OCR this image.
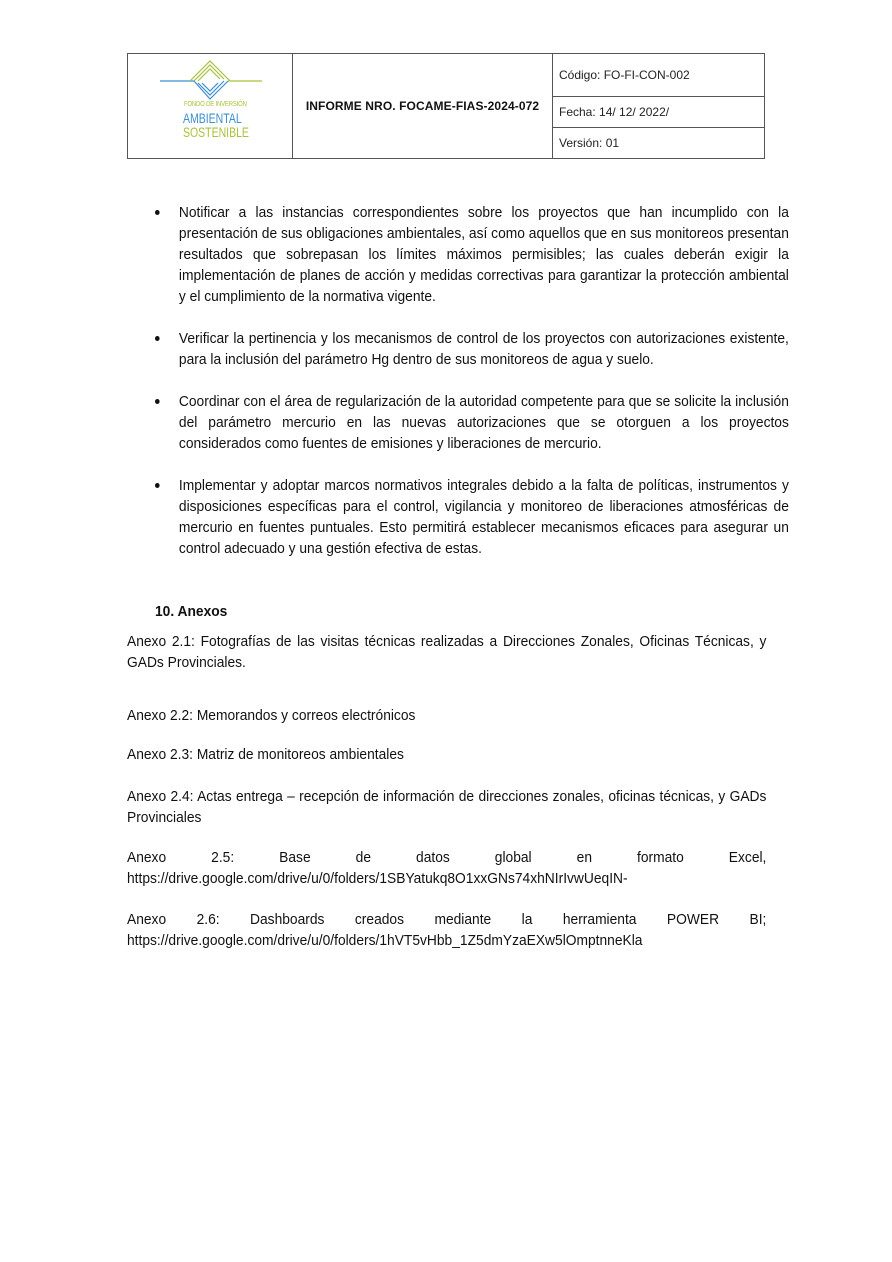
FONDO DE INVERSIÓN
AMBIENTAL
SOSTENIBLE
	INFORME NRO. FOCAME-FIAS-2024-072	Código: FO-FI-CON-002
Fecha: 14/ 12/ 2022/
Versión: 01
Notificar a las instancias correspondientes sobre los proyectos que han incumplido con la presentación de sus obligaciones ambientales, así como aquellos que en sus monitoreos presentan resultados que sobrepasan los límites máximos permisibles; las cuales deberán exigir la implementación de planes de acción y medidas correctivas para garantizar la protección ambiental y el cumplimiento de la normativa vigente.
Verificar la pertinencia y los mecanismos de control de los proyectos con autorizaciones existente, para la inclusión del parámetro Hg dentro de sus monitoreos de agua y suelo.
Coordinar con el área de regularización de la autoridad competente para que se solicite la inclusión del parámetro mercurio en las nuevas autorizaciones que se otorguen a los proyectos considerados como fuentes de emisiones y liberaciones de mercurio.
Implementar y adoptar marcos normativos integrales debido a la falta de políticas, instrumentos y disposiciones específicas para el control, vigilancia y monitoreo de liberaciones atmosféricas de mercurio en fuentes puntuales. Esto permitirá establecer mecanismos eficaces para asegurar un control adecuado y una gestión efectiva de estas.
10. Anexos

Anexo 2.1: Fotografías de las visitas técnicas realizadas a Direcciones Zonales, Oficinas Técnicas, y GADs Provinciales.

Anexo 2.2: Memorandos y correos electrónicos

Anexo 2.3: Matriz de monitoreos ambientales

Anexo 2.4: Actas entrega – recepción de información de direcciones zonales, oficinas técnicas, y GADs Provinciales

Anexo 2.5: Base de datos global en formato Excel,
https://drive.google.com/drive/u/0/folders/1SBYatukq8O1xxGNs74xhNIrIvwUeqIN-
Anexo 2.6: Dashboards creados mediante la herramienta POWER BI;
https://drive.google.com/drive/u/0/folders/1hVT5vHbb_1Z5dmYzaEXw5lOmptnneKla
